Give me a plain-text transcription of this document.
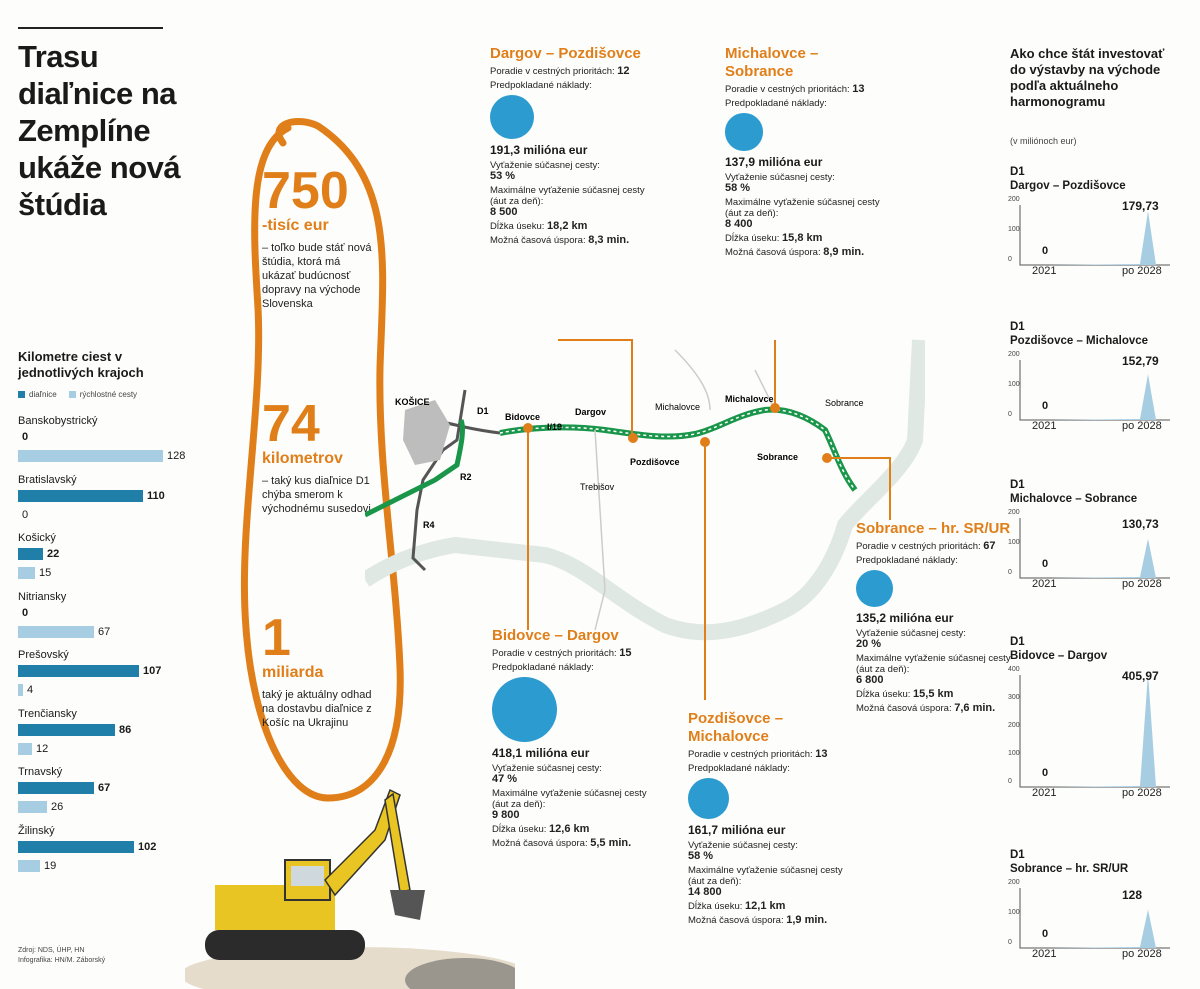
Trasu diaľnice na Zemplíne ukáže nová štúdia
Kilometre ciest v jednotlivých krajoch
diaľnice	rýchlostné cesty
Banskobystrický
0
128
Bratislavský
110
0
Košický
22
15
Nitriansky
0
67
Prešovský
107
4
Trenčiansky
86
12
Trnavský
67
26
Žilinský
102
19
Zdroj: NDS, ÚHP, HN
Infografika: HN/M. Záborský
750
-tisíc eur
– toľko bude stáť nová štúdia, ktorá má ukázať budúcnosť dopravy na východe Slovenska
74
kilometrov
– taký kus diaľnice D1 chýba smerom k východnému susedovi
1
miliarda
taký je aktuálny odhad na dostavbu diaľnice z Košíc na Ukrajinu
KOŠICE	Michalovce	Sobrance
Trebišov
D1
R2
R4
I/19
Bidovce	Dargov
Pozdišovce
Michalovce
Sobrance
Dargov – Pozdišovce
Poradie v cestných prioritách: 12
Predpokladané náklady:
191,3 milióna eur
Vyťaženie súčasnej cesty:
53 %
Maximálne vyťaženie súčasnej cesty (áut za deň):
8 500
Dĺžka úseku: 18,2 km
Možná časová úspora: 8,3 min.
Michalovce – Sobrance
Poradie v cestných prioritách: 13
Predpokladané náklady:
137,9 milióna eur
Vyťaženie súčasnej cesty:
58 %
Maximálne vyťaženie súčasnej cesty (áut za deň):
8 400
Dĺžka úseku: 15,8 km
Možná časová úspora: 8,9 min.
Bidovce – Dargov
Poradie v cestných prioritách: 15
Predpokladané náklady:
418,1 milióna eur
Vyťaženie súčasnej cesty:
47 %
Maximálne vyťaženie súčasnej cesty (áut za deň):
9 800
Dĺžka úseku: 12,6 km
Možná časová úspora: 5,5 min.
Pozdišovce – Michalovce
Poradie v cestných prioritách: 13
Predpokladané náklady:
161,7 milióna eur
Vyťaženie súčasnej cesty:
58 %
Maximálne vyťaženie súčasnej cesty (áut za deň):
14 800
Dĺžka úseku: 12,1 km
Možná časová úspora: 1,9 min.
Sobrance – hr. SR/UR
Poradie v cestných prioritách: 67
Predpokladané náklady:
135,2 milióna eur
Vyťaženie súčasnej cesty:
20 %
Maximálne vyťaženie súčasnej cesty (áut za deň):
6 800
Dĺžka úseku: 15,5 km
Možná časová úspora: 7,6 min.
Ako chce štát investovať do výstavby na východe podľa aktuálneho harmonogramu
(v miliónoch eur)
D1
Dargov – Pozdišovce
200
100
0
0
179,73
2021	po 2028
D1
Pozdišovce – Michalovce
200
100
0
0
152,79
2021	po 2028
D1
Michalovce – Sobrance
200
100
0
0
130,73
2021	po 2028
D1
Bidovce – Dargov
400
300
200
100
0
0
405,97
2021	po 2028
D1
Sobrance – hr. SR/UR
200
100
0
0
128
2021	po 2028
